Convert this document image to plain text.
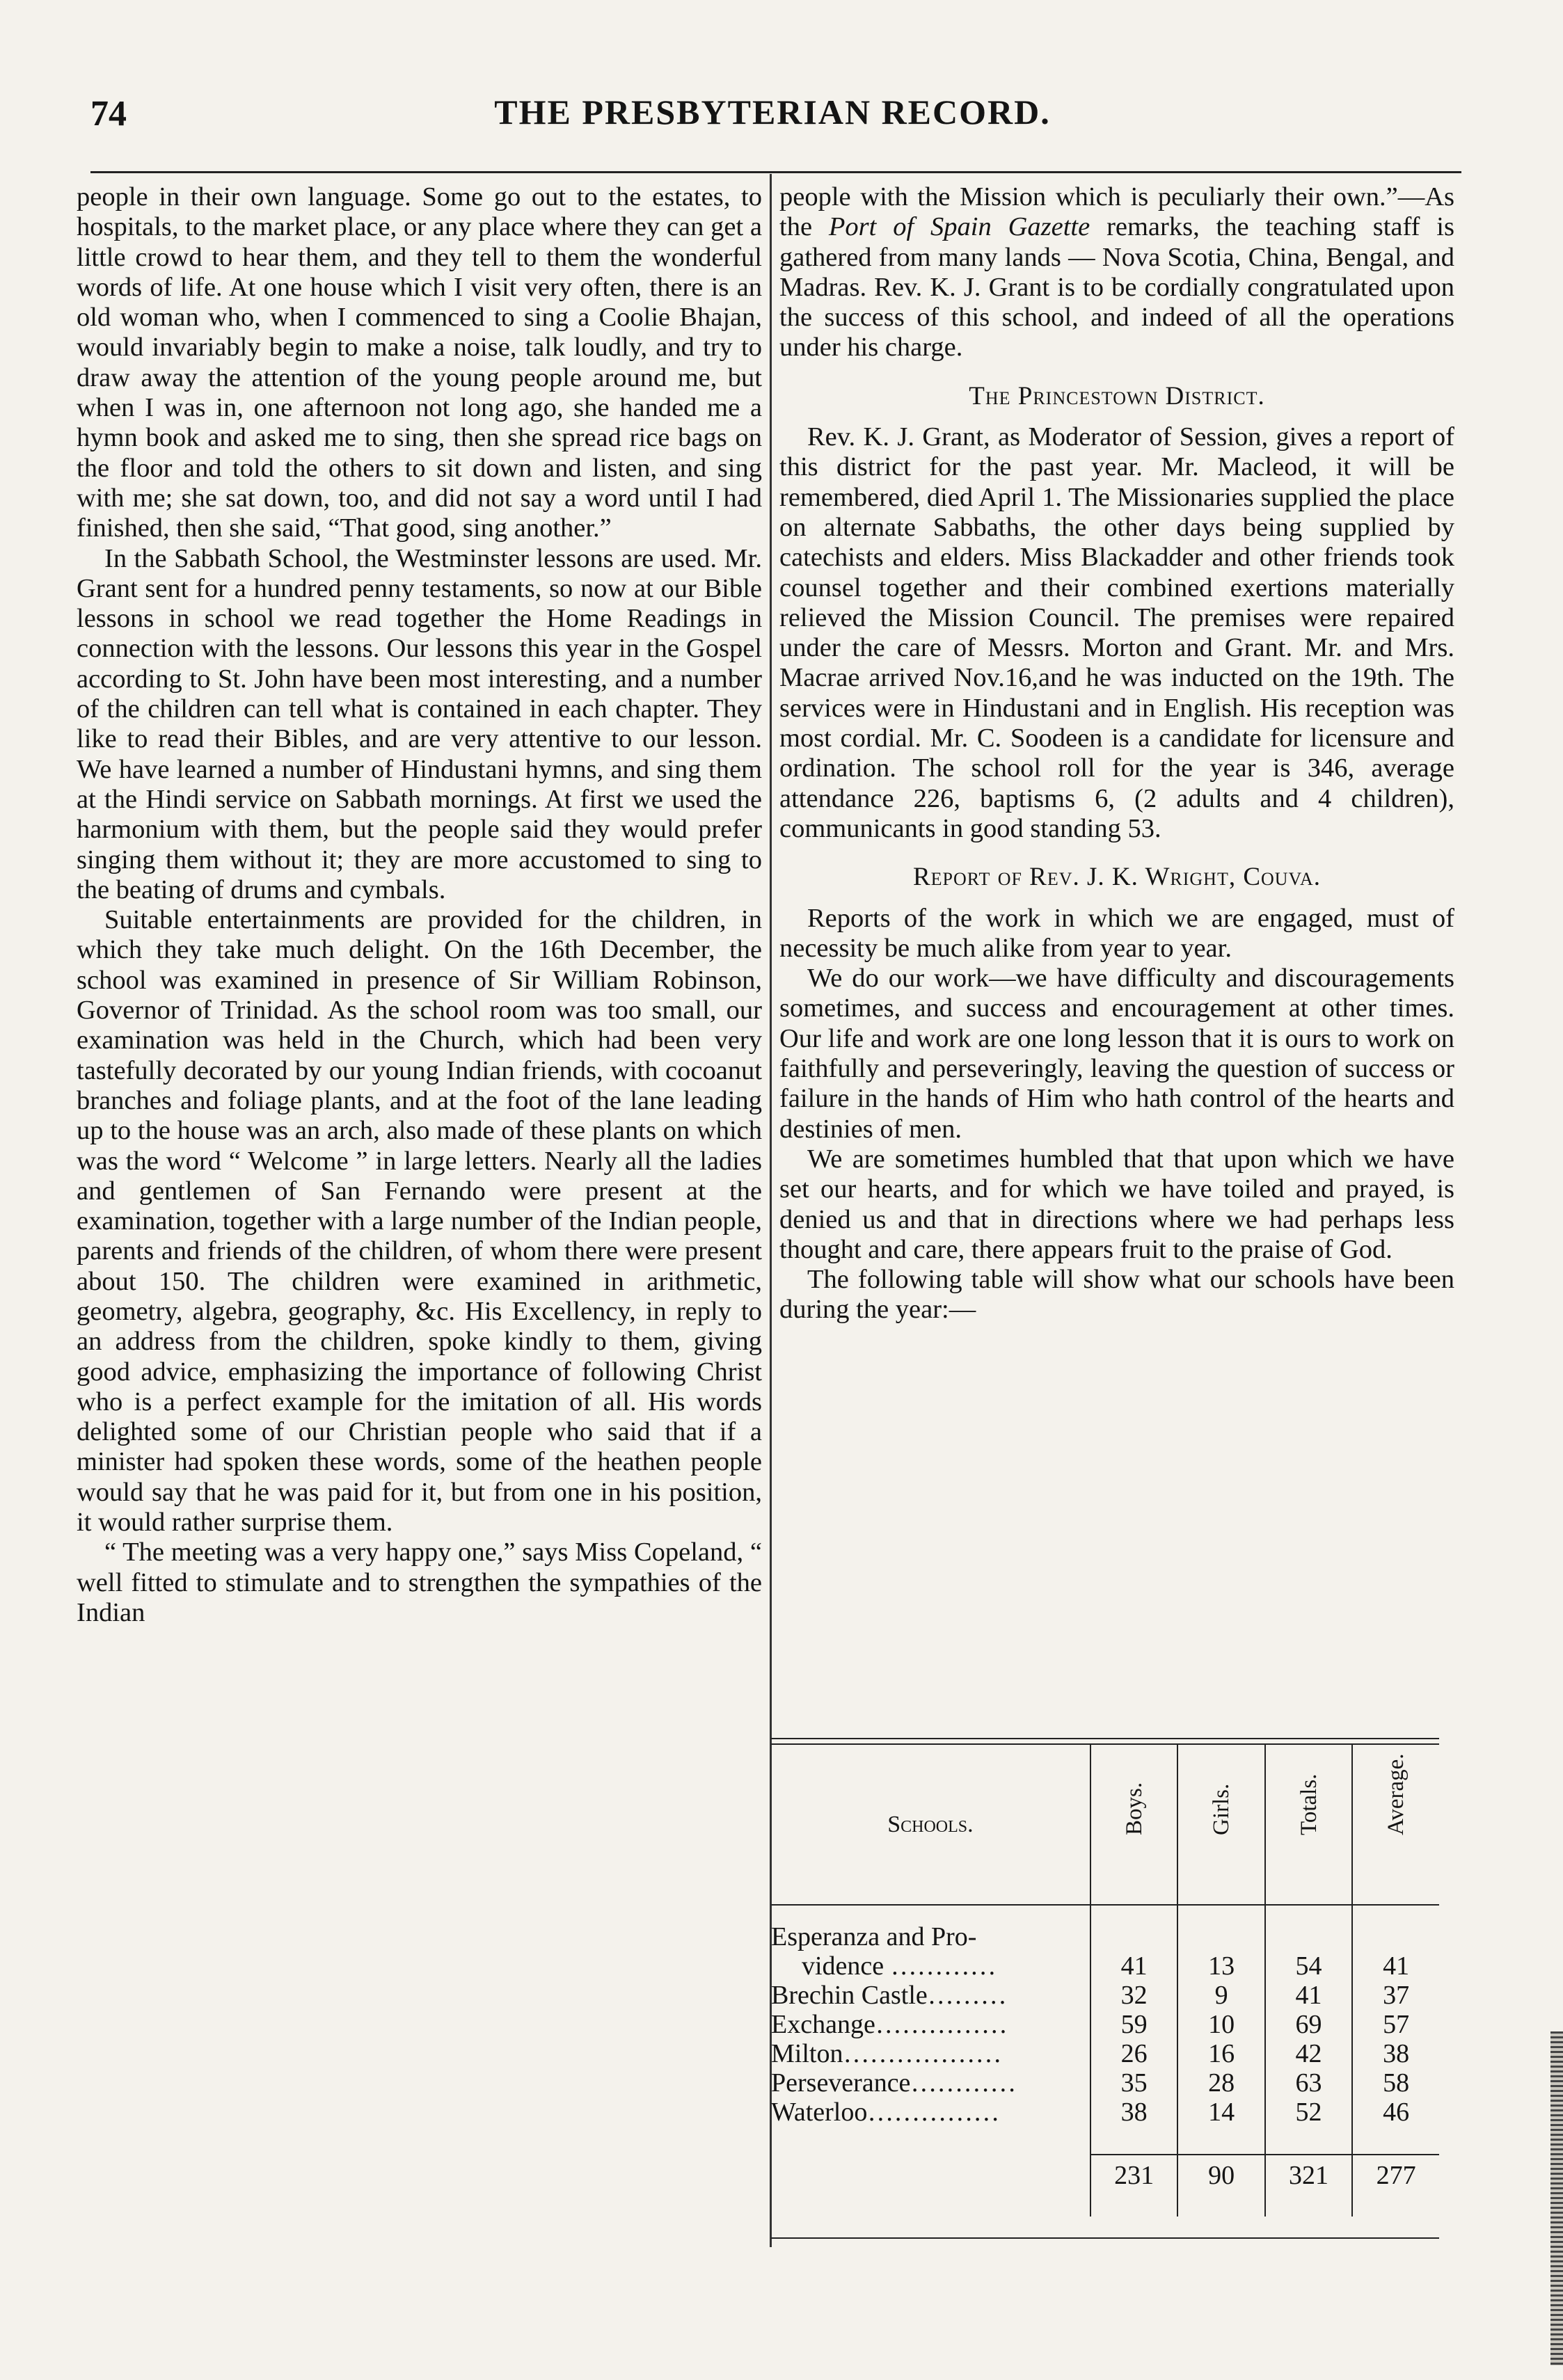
74	THE PRESBYTERIAN RECORD.

people in their own language. Some go out to the estates, to hospitals, to the market place, or any place where they can get a little crowd to hear them, and they tell to them the wonderful words of life. At one house which I visit very often, there is an old woman who, when I commenced to sing a Coolie Bhajan, would invariably begin to make a noise, talk loudly, and try to draw away the attention of the young people around me, but when I was in, one afternoon not long ago, she handed me a hymn book and asked me to sing, then she spread rice bags on the floor and told the others to sit down and listen, and sing with me; she sat down, too, and did not say a word until I had finished, then she said, “That good, sing another.”

In the Sabbath School, the Westminster lessons are used. Mr. Grant sent for a hundred penny testaments, so now at our Bible lessons in school we read together the Home Readings in connection with the lessons. Our lessons this year in the Gospel according to St. John have been most interesting, and a number of the children can tell what is contained in each chapter. They like to read their Bibles, and are very attentive to our lesson. We have learned a number of Hindustani hymns, and sing them at the Hindi service on Sabbath mornings. At first we used the harmonium with them, but the people said they would prefer singing them without it; they are more accustomed to sing to the beating of drums and cymbals.

Suitable entertainments are provided for the children, in which they take much delight. On the 16th December, the school was examined in presence of Sir William Robinson, Governor of Trinidad. As the school room was too small, our examination was held in the Church, which had been very tastefully decorated by our young Indian friends, with cocoanut branches and foliage plants, and at the foot of the lane leading up to the house was an arch, also made of these plants on which was the word “ Welcome ” in large letters. Nearly all the ladies and gentlemen of San Fernando were present at the examination, together with a large number of the Indian people, parents and friends of the children, of whom there were present about 150. The children were examined in arithmetic, geometry, algebra, geography, &c. His Excellency, in reply to an address from the children, spoke kindly to them, giving good advice, emphasizing the importance of following Christ who is a perfect example for the imitation of all. His words delighted some of our Christian people who said that if a minister had spoken these words, some of the heathen people would say that he was paid for it, but from one in his position, it would rather surprise them.

“ The meeting was a very happy one,” says Miss Copeland, “ well fitted to stimulate and to strengthen the sympathies of the Indian

people with the Mission which is peculiarly their own.”—As the Port of Spain Gazette remarks, the teaching staff is gathered from many lands — Nova Scotia, China, Bengal, and Madras. Rev. K. J. Grant is to be cordially congratulated upon the success of this school, and indeed of all the operations under his charge.

The Princestown District.

Rev. K. J. Grant, as Moderator of Session, gives a report of this district for the past year. Mr. Macleod, it will be remembered, died April 1. The Missionaries supplied the place on alternate Sabbaths, the other days being supplied by catechists and elders. Miss Blackadder and other friends took counsel together and their combined exertions materially relieved the Mission Council. The premises were repaired under the care of Messrs. Morton and Grant. Mr. and Mrs. Macrae arrived Nov.16,and he was inducted on the 19th. The services were in Hindustani and in English. His reception was most cordial. Mr. C. Soodeen is a candidate for licensure and ordination. The school roll for the year is 346, average attendance 226, baptisms 6, (2 adults and 4 children), communicants in good standing 53.

Report of Rev. J. K. Wright, Couva.

Reports of the work in which we are engaged, must of necessity be much alike from year to year.

We do our work—we have difficulty and discouragements sometimes, and success and encouragement at other times. Our life and work are one long lesson that it is ours to work on faithfully and perseveringly, leaving the question of success or failure in the hands of Him who hath control of the hearts and destinies of men.

We are sometimes humbled that that upon which we have set our hearts, and for which we have toiled and prayed, is denied us and that in directions where we had perhaps less thought and care, there appears fruit to the praise of God.

The following table will show what our schools have been during the year:—

Schools.	Boys.	Girls.	Totals.	Average.

Esperanza and Pro-
vidence …………	41	13	54	41
Brechin Castle………	32	9	41	37
Exchange……………	59	10	69	57
Milton………………	26	16	42	38
Perseverance…………	35	28	63	58
Waterloo……………	38	14	52	46
	231	90	321	277
